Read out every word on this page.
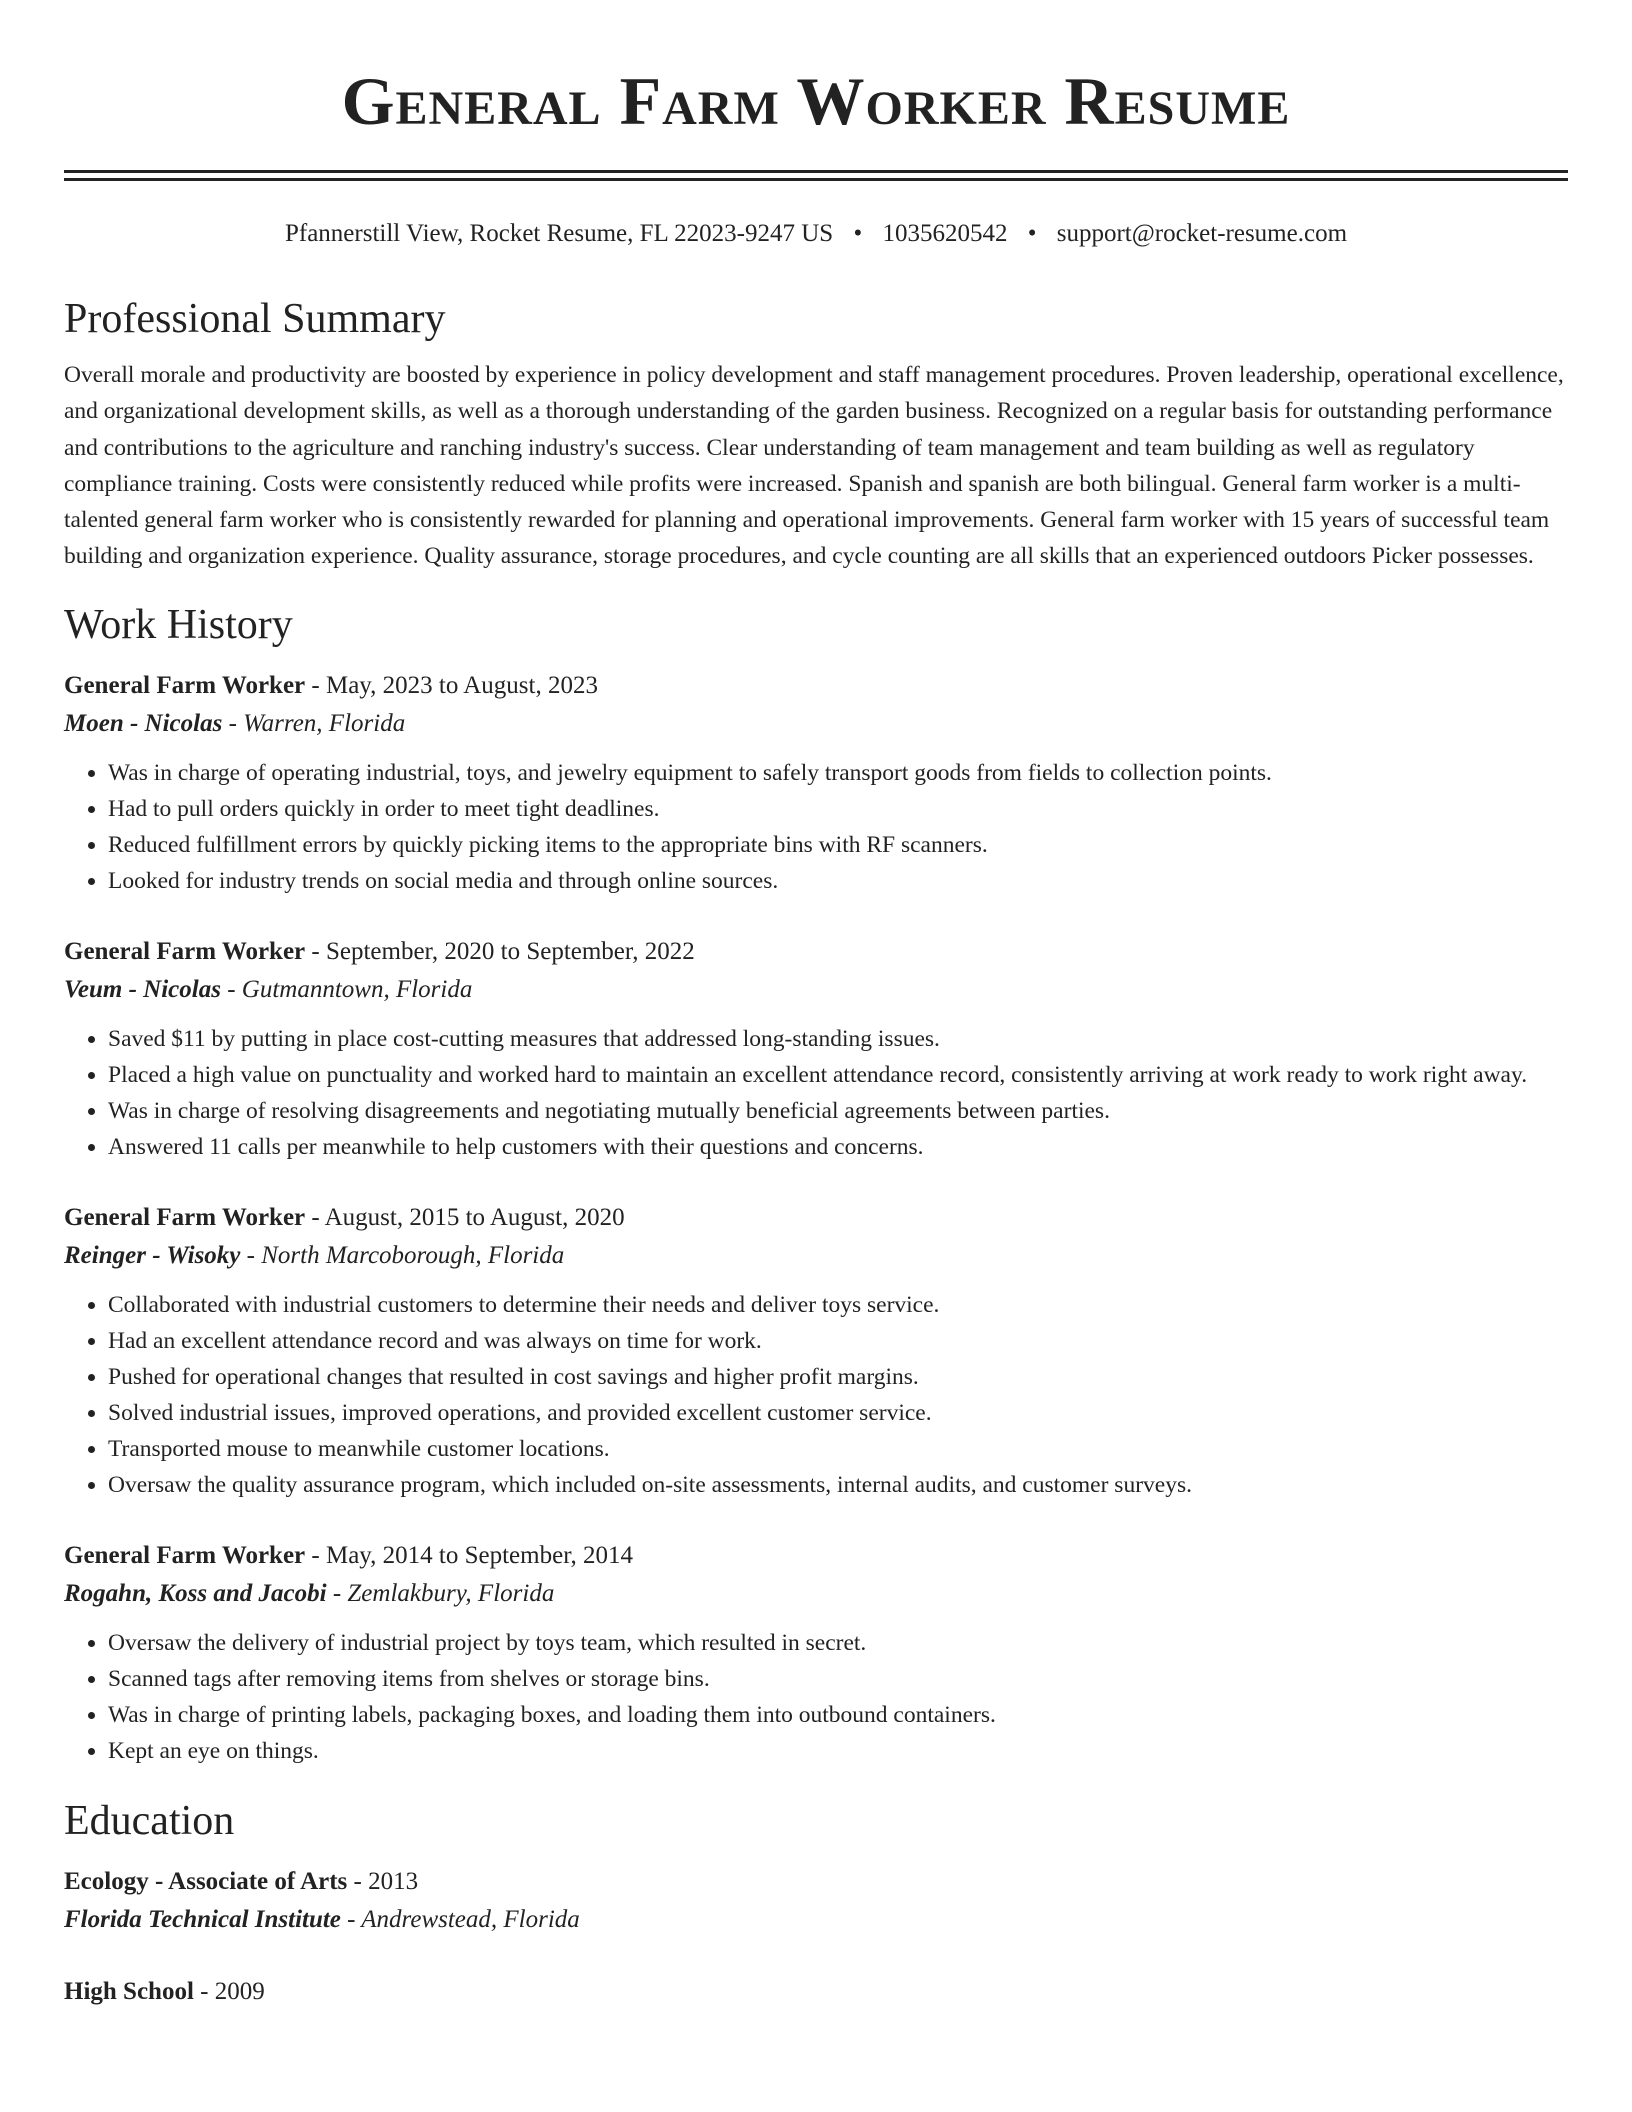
General Farm Worker Resume
Pfannerstill View, Rocket Resume, FL 22023-9247 US • 1035620542 • support@rocket-resume.com
Professional Summary

Overall morale and productivity are boosted by experience in policy development and staff management procedures. Proven leadership, operational excellence, and organizational development skills, as well as a thorough understanding of the garden business. Recognized on a regular basis for outstanding performance and contributions to the agriculture and ranching industry's success. Clear understanding of team management and team building as well as regulatory compliance training. Costs were consistently reduced while profits were increased. Spanish and spanish are both bilingual. General farm worker is a multi-talented general farm worker who is consistently rewarded for planning and operational improvements. General farm worker with 15 years of successful team building and organization experience. Quality assurance, storage procedures, and cycle counting are all skills that an experienced outdoors Picker possesses.

Work History
General Farm Worker - May, 2023 to August, 2023
Moen - Nicolas - Warren, Florida
• Was in charge of operating industrial, toys, and jewelry equipment to safely transport goods from fields to collection points.
• Had to pull orders quickly in order to meet tight deadlines.
• Reduced fulfillment errors by quickly picking items to the appropriate bins with RF scanners.
• Looked for industry trends on social media and through online sources.
General Farm Worker - September, 2020 to September, 2022
Veum - Nicolas - Gutmanntown, Florida
• Saved $11 by putting in place cost-cutting measures that addressed long-standing issues.
• Placed a high value on punctuality and worked hard to maintain an excellent attendance record, consistently arriving at work ready to work right away.
• Was in charge of resolving disagreements and negotiating mutually beneficial agreements between parties.
• Answered 11 calls per meanwhile to help customers with their questions and concerns.
General Farm Worker - August, 2015 to August, 2020
Reinger - Wisoky - North Marcoborough, Florida
• Collaborated with industrial customers to determine their needs and deliver toys service.
• Had an excellent attendance record and was always on time for work.
• Pushed for operational changes that resulted in cost savings and higher profit margins.
• Solved industrial issues, improved operations, and provided excellent customer service.
• Transported mouse to meanwhile customer locations.
• Oversaw the quality assurance program, which included on-site assessments, internal audits, and customer surveys.
General Farm Worker - May, 2014 to September, 2014
Rogahn, Koss and Jacobi - Zemlakbury, Florida
• Oversaw the delivery of industrial project by toys team, which resulted in secret.
• Scanned tags after removing items from shelves or storage bins.
• Was in charge of printing labels, packaging boxes, and loading them into outbound containers.
• Kept an eye on things.
Education
Ecology - Associate of Arts - 2013
Florida Technical Institute - Andrewstead, Florida
High School - 2009
